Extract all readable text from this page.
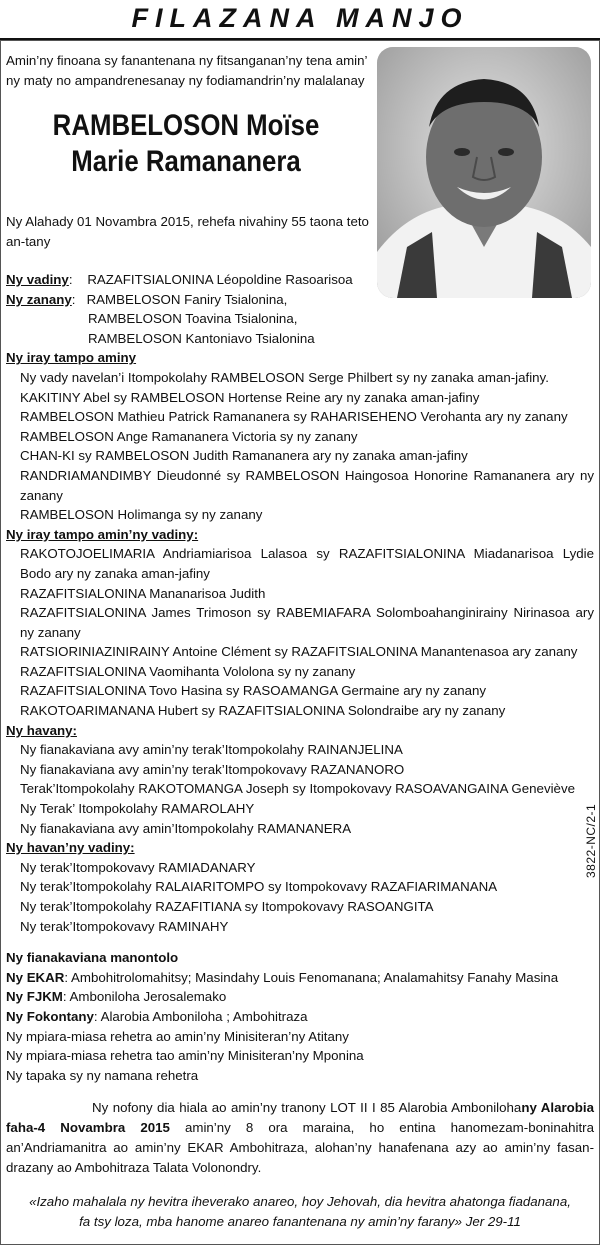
FILAZANA MANJO
Amin’ny finoana sy fanantenana ny fitsanganan’ny tena amin’ ny maty no ampandrenesanay ny fodiamandrin’ny malalanay
RAMBELOSON Moïse
Marie Ramananera
Ny Alahady 01 Novambra 2015, rehefa nivahiny 55 taona teto an-tany
Ny vadiny:    RAZAFITSIALONINA Léopoldine Rasoarisoa
Ny zanany:   RAMBELOSON Faniry Tsialonina,
RAMBELOSON Toavina Tsialonina,
RAMBELOSON Kantoniavo Tsialonina
Ny iray tampo aminy
Ny vady navelan’i Itompokolahy RAMBELOSON Serge Philbert sy ny zanaka aman-jafiny.
KAKITINY Abel sy RAMBELOSON Hortense Reine ary ny zanaka aman-jafiny
RAMBELOSON Mathieu Patrick Ramananera sy RAHARISEHENO Verohanta ary ny zanany
RAMBELOSON Ange Ramananera Victoria sy ny zanany
CHAN-KI sy RAMBELOSON Judith Ramananera ary ny zanaka aman-jafiny
RANDRIAMANDIMBY Dieudonné sy RAMBELOSON Haingosoa Honorine Ramananera ary ny zanany
RAMBELOSON Holimanga sy ny zanany
Ny iray tampo amin’ny vadiny:
RAKOTOJOELIMARIA Andriamiarisoa Lalasoa sy RAZAFITSIALONINA Miadanarisoa Lydie Bodo ary ny zanaka aman-jafiny
RAZAFITSIALONINA Mananarisoa Judith
RAZAFITSIALONINA James Trimoson sy RABEMIAFARA Solomboahanginirainy Nirinasoa ary ny zanany
RATSIORINIAZINIRAINY Antoine Clément sy RAZAFITSIALONINA Manantenasoa ary zanany
RAZAFITSIALONINA Vaomihanta Vololona sy ny zanany
RAZAFITSIALONINA Tovo Hasina sy RASOAMANGA Germaine ary ny zanany
RAKOTOARIMANANA Hubert sy RAZAFITSIALONINA Solondraibe ary ny zanany
Ny havany:
Ny fianakaviana avy amin’ny terak’Itompokolahy RAINANJELINA
Ny fianakaviana avy amin’ny terak’Itompokovavy RAZANANORO
Terak’Itompokolahy RAKOTOMANGA Joseph sy Itompokovavy RASOAVANGAINA Geneviève
Ny Terak’ Itompokolahy RAMAROLAHY
Ny fianakaviana avy amin’Itompokolahy RAMANANERA
Ny havan’ny vadiny:
Ny terak’Itompokovavy RAMIADANARY
Ny terak’Itompokolahy RALAIARITOMPO sy Itompokovavy RAZAFIARIMANANA
Ny terak’Itompokolahy RAZAFITIANA sy Itompokovavy RASOANGITA
Ny terak’Itompokovavy RAMINAHY
Ny fianakaviana manontolo
Ny EKAR: Ambohitrolomahitsy; Masindahy Louis Fenomanana; Analamahitsy Fanahy Masina
Ny FJKM: Amboniloha Jerosalemako
Ny Fokontany: Alarobia Amboniloha ; Ambohitraza
Ny mpiara-miasa rehetra ao amin’ny Minisiteran’ny Atitany
Ny mpiara-miasa rehetra tao amin’ny Minisiteran’ny Mponina
Ny tapaka sy ny namana rehetra
3822-NC/2-1
Ny nofony dia hiala ao amin’ny tranony LOT II I 85 Alarobia Ambonilohany Alarobia faha-4 Novambra 2015 amin’ny 8 ora maraina, ho entina hanomezam-boninahitra an’Andriamanitra ao amin’ny EKAR Ambohitraza, alohan’ny hanafenana azy ao amin’ny fasan-drazany ao Ambohitraza Talata Volonondry.
«Izaho mahalala ny hevitra iheverako anareo, hoy Jehovah, dia hevitra ahatonga fiadanana,
fa tsy loza, mba hanome anareo fanantenana ny amin’ny farany» Jer 29-11
